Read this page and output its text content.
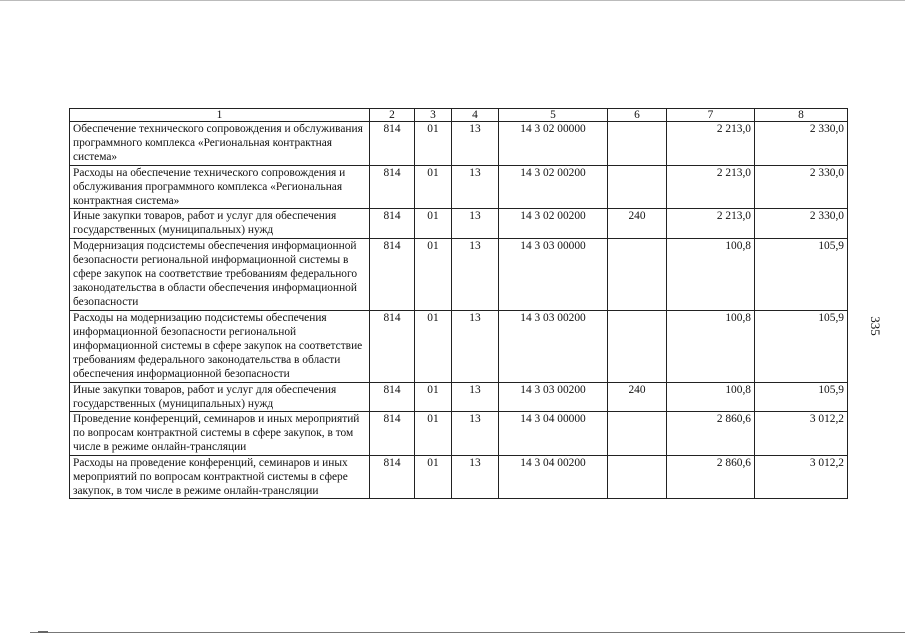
335
1	2	3	4	5	6	7	8
Обеспечение технического сопровождения и обслуживания программного комплекса «Региональная контрактная система»	814	01	13	14 3 02 00000		2 213,0	2 330,0
Расходы на обеспечение технического сопровождения и обслуживания программного комплекса «Региональная контрактная система»	814	01	13	14 3 02 00200		2 213,0	2 330,0
Иные закупки товаров, работ и услуг для обеспечения государственных (муниципальных) нужд	814	01	13	14 3 02 00200	240	2 213,0	2 330,0
Модернизация подсистемы обеспечения информационной безопасности региональной информационной системы в сфере закупок на соответствие требованиям федерального законодательства в области обеспечения информационной безопасности	814	01	13	14 3 03 00000		100,8	105,9
Расходы на модернизацию подсистемы обеспечения информационной безопасности региональной информационной системы в сфере закупок на соответствие требованиям федерального законодательства в области обеспечения информационной безопасности	814	01	13	14 3 03 00200		100,8	105,9
Иные закупки товаров, работ и услуг для обеспечения государственных (муниципальных) нужд	814	01	13	14 3 03 00200	240	100,8	105,9
Проведение конференций, семинаров и иных мероприятий по вопросам контрактной системы в сфере закупок, в том числе в режиме онлайн-трансляции	814	01	13	14 3 04 00000		2 860,6	3 012,2
Расходы на проведение конференций, семинаров и иных мероприятий по вопросам контрактной системы в сфере закупок, в том числе в режиме онлайн-трансляции	814	01	13	14 3 04 00200		2 860,6	3 012,2
